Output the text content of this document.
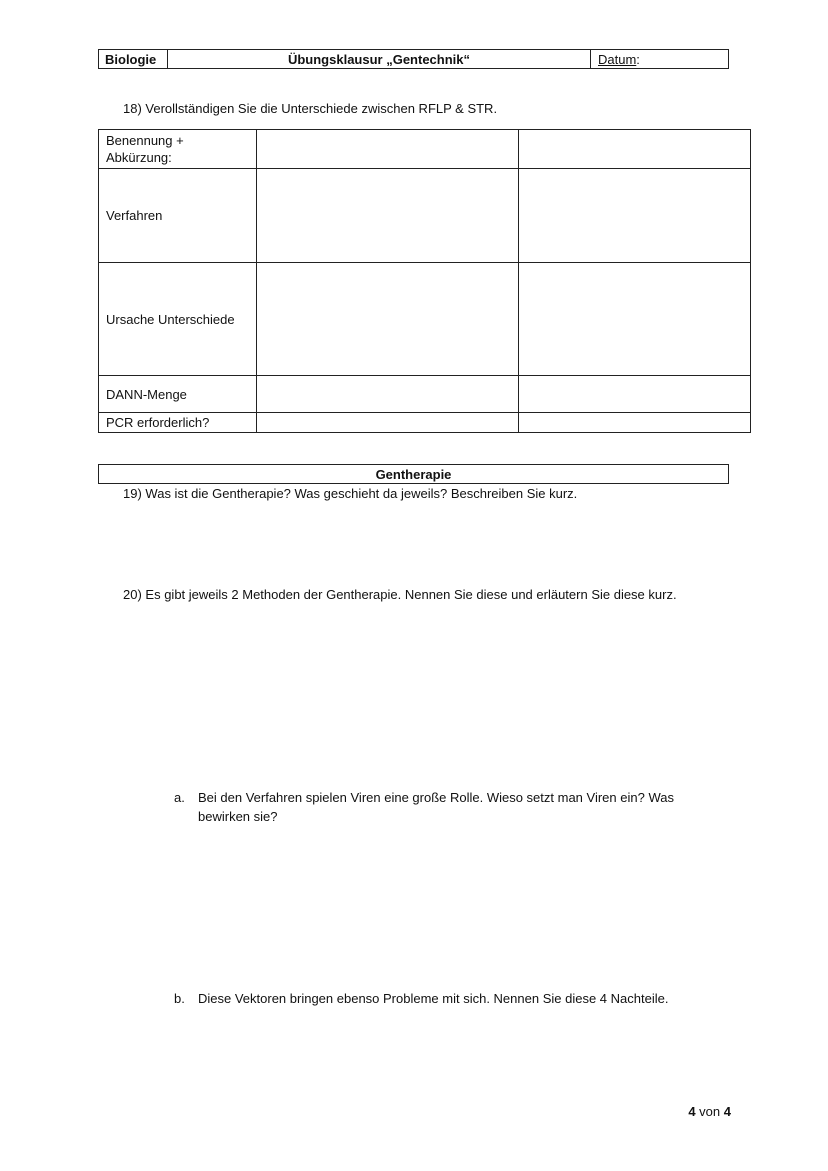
Biologie	Übungsklausur „Gentechnik“	Datum :
18) Verollständigen Sie die Unterschiede zwischen RFLP & STR.
Benennung + Abkürzung:		
Verfahren		
Ursache Unterschiede		
DANN-Menge		
PCR erforderlich?		
Gentherapie
19) Was ist die Gentherapie? Was geschieht da jeweils? Beschreiben Sie kurz.
20) Es gibt jeweils 2 Methoden der Gentherapie. Nennen Sie diese und erläutern Sie diese kurz.
a.	Bei den Verfahren spielen Viren eine große Rolle. Wieso setzt man Viren ein? Was bewirken sie?
b.	Diese Vektoren bringen ebenso Probleme mit sich. Nennen Sie diese 4 Nachteile.
4 von 4
